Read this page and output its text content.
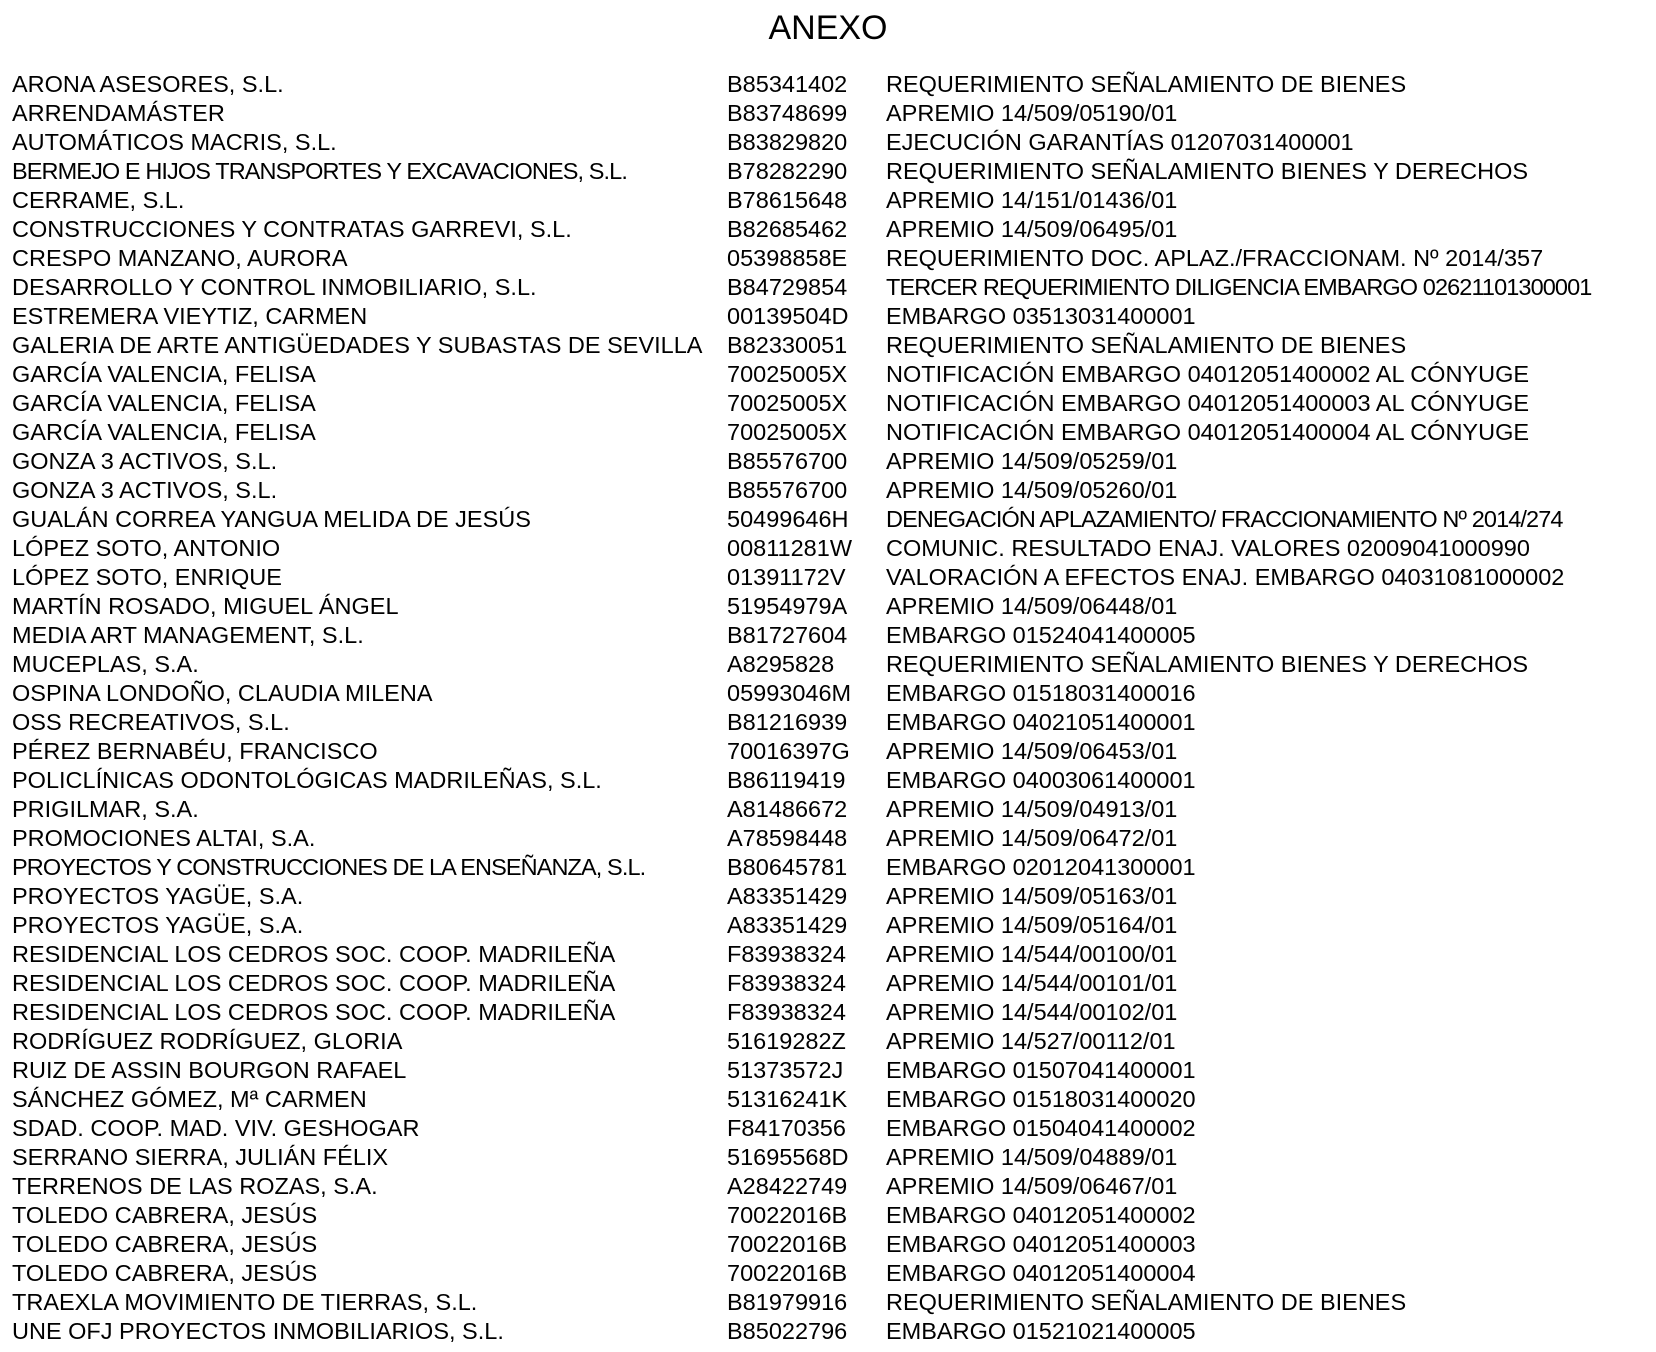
ANEXO
ARONA ASESORES, S.L.	B85341402 REQUERIMIENTO SEÑALAMIENTO DE BIENES
ARRENDAMÁSTER	B83748699 APREMIO 14/509/05190/01
AUTOMÁTICOS MACRIS, S.L.	B83829820 EJECUCIÓN GARANTÍAS 01207031400001
BERMEJO E HIJOS TRANSPORTES Y EXCAVACIONES, S.L.	B78282290 REQUERIMIENTO SEÑALAMIENTO BIENES Y DERECHOS
CERRAME, S.L.	B78615648 APREMIO 14/151/01436/01
CONSTRUCCIONES Y CONTRATAS GARREVI, S.L.	B82685462 APREMIO 14/509/06495/01
CRESPO MANZANO, AURORA	05398858E REQUERIMIENTO DOC. APLAZ./FRACCIONAM. Nº 2014/357
DESARROLLO Y CONTROL INMOBILIARIO, S.L.	B84729854 TERCER REQUERIMIENTO DILIGENCIA EMBARGO 02621101300001
ESTREMERA VIEYTIZ, CARMEN	00139504D EMBARGO 03513031400001
GALERIA DE ARTE ANTIGÜEDADES Y SUBASTAS DE SEVILLA B82330051 REQUERIMIENTO SEÑALAMIENTO DE BIENES
GARCÍA VALENCIA, FELISA	70025005X NOTIFICACIÓN EMBARGO 04012051400002 AL CÓNYUGE
GARCÍA VALENCIA, FELISA	70025005X NOTIFICACIÓN EMBARGO 04012051400003 AL CÓNYUGE
GARCÍA VALENCIA, FELISA	70025005X NOTIFICACIÓN EMBARGO 04012051400004 AL CÓNYUGE
GONZA 3 ACTIVOS, S.L.	B85576700 APREMIO 14/509/05259/01
GONZA 3 ACTIVOS, S.L.	B85576700 APREMIO 14/509/05260/01
GUALÁN CORREA YANGUA MELIDA DE JESÚS	50499646H DENEGACIÓN APLAZAMIENTO/ FRACCIONAMIENTO Nº 2014/274
LÓPEZ SOTO, ANTONIO	00811281W COMUNIC. RESULTADO ENAJ. VALORES 02009041000990
LÓPEZ SOTO, ENRIQUE	01391172V VALORACIÓN A EFECTOS ENAJ. EMBARGO 04031081000002
MARTÍN ROSADO, MIGUEL ÁNGEL	51954979A APREMIO 14/509/06448/01
MEDIA ART MANAGEMENT, S.L.	B81727604 EMBARGO 01524041400005
MUCEPLAS, S.A.	A8295828 REQUERIMIENTO SEÑALAMIENTO BIENES Y DERECHOS
OSPINA LONDOÑO, CLAUDIA MILENA	05993046M EMBARGO 01518031400016
OSS RECREATIVOS, S.L.	B81216939 EMBARGO 04021051400001
PÉREZ BERNABÉU, FRANCISCO	70016397G APREMIO 14/509/06453/01
POLICLÍNICAS ODONTOLÓGICAS MADRILEÑAS, S.L.	B86119419 EMBARGO 04003061400001
PRIGILMAR, S.A.	A81486672 APREMIO 14/509/04913/01
PROMOCIONES ALTAI, S.A.	A78598448 APREMIO 14/509/06472/01
PROYECTOS Y CONSTRUCCIONES DE LA ENSEÑANZA, S.L.	B80645781 EMBARGO 02012041300001
PROYECTOS YAGÜE, S.A.	A83351429 APREMIO 14/509/05163/01
PROYECTOS YAGÜE, S.A.	A83351429 APREMIO 14/509/05164/01
RESIDENCIAL LOS CEDROS SOC. COOP. MADRILEÑA	F83938324 APREMIO 14/544/00100/01
RESIDENCIAL LOS CEDROS SOC. COOP. MADRILEÑA	F83938324 APREMIO 14/544/00101/01
RESIDENCIAL LOS CEDROS SOC. COOP. MADRILEÑA	F83938324 APREMIO 14/544/00102/01
RODRÍGUEZ RODRÍGUEZ, GLORIA	51619282Z APREMIO 14/527/00112/01
RUIZ DE ASSIN BOURGON RAFAEL	51373572J EMBARGO 01507041400001
SÁNCHEZ GÓMEZ, Mª CARMEN	51316241K EMBARGO 01518031400020
SDAD. COOP. MAD. VIV. GESHOGAR	F84170356 EMBARGO 01504041400002
SERRANO SIERRA, JULIÁN FÉLIX	51695568D APREMIO 14/509/04889/01
TERRENOS DE LAS ROZAS, S.A.	A28422749 APREMIO 14/509/06467/01
TOLEDO CABRERA, JESÚS	70022016B EMBARGO 04012051400002
TOLEDO CABRERA, JESÚS	70022016B EMBARGO 04012051400003
TOLEDO CABRERA, JESÚS	70022016B EMBARGO 04012051400004
TRAEXLA MOVIMIENTO DE TIERRAS, S.L.	B81979916 REQUERIMIENTO SEÑALAMIENTO DE BIENES
UNE OFJ PROYECTOS INMOBILIARIOS, S.L.	B85022796 EMBARGO 01521021400005
